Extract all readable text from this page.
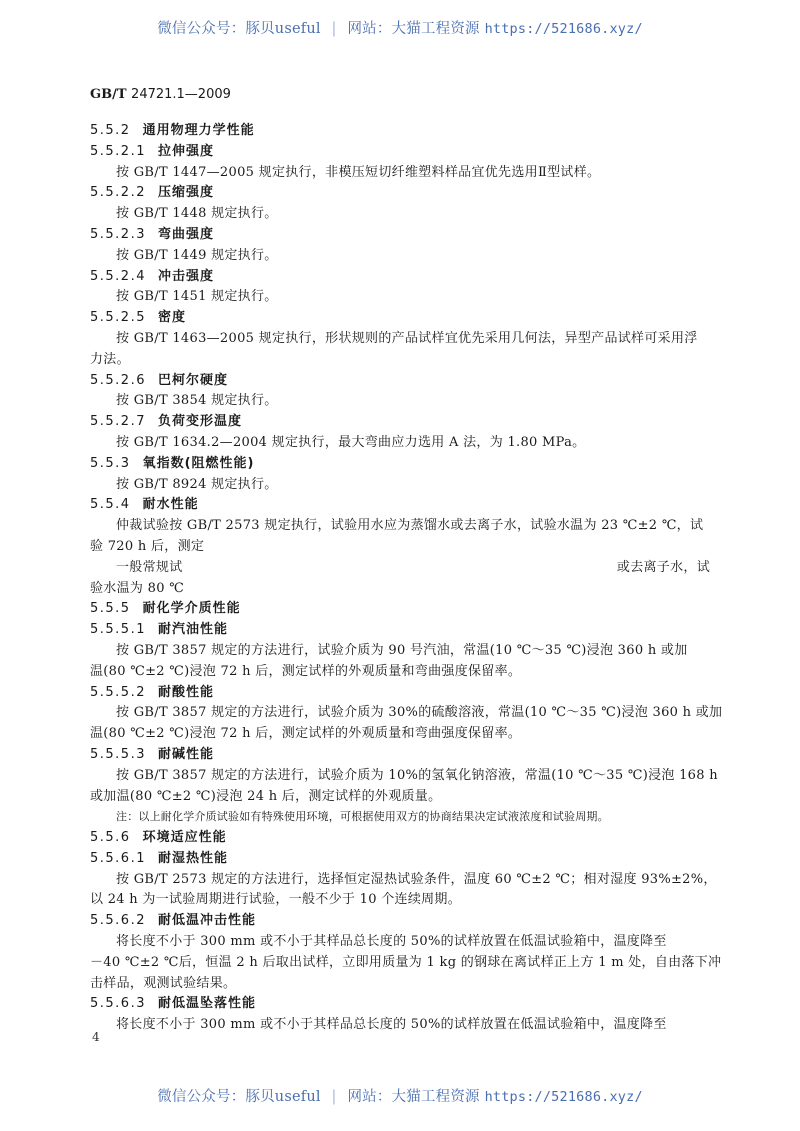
微信公众号：豚贝useful | 网站：大猫工程资源 https://521686.xyz/
GB/T 24721.1—2009
5.5.2 通用物理力学性能
5.5.2.1 拉伸强度
按 GB/T 1447—2005 规定执行，非模压短切纤维塑料样品宜优先选用Ⅱ型试样。
5.5.2.2 压缩强度
按 GB/T 1448 规定执行。
5.5.2.3 弯曲强度
按 GB/T 1449 规定执行。
5.5.2.4 冲击强度
按 GB/T 1451 规定执行。
5.5.2.5 密度
按 GB/T 1463—2005 规定执行，形状规则的产品试样宜优先采用几何法，异型产品试样可采用浮
力法。
5.5.2.6 巴柯尔硬度
按 GB/T 3854 规定执行。
5.5.2.7 负荷变形温度
按 GB/T 1634.2—2004 规定执行，最大弯曲应力选用 A 法，为 1.80 MPa。
5.5.3 氧指数(阻燃性能)
按 GB/T 8924 规定执行。
5.5.4 耐水性能
仲裁试验按 GB/T 2573 规定执行，试验用水应为蒸馏水或去离子水，试验水温为 23 ℃±2 ℃，试
验 720 h 后，测定
一般常规试	或去离子水，试
验水温为 80 ℃
5.5.5 耐化学介质性能
5.5.5.1 耐汽油性能
按 GB/T 3857 规定的方法进行，试验介质为 90 号汽油，常温(10 ℃～35 ℃)浸泡 360 h 或加
温(80 ℃±2 ℃)浸泡 72 h 后，测定试样的外观质量和弯曲强度保留率。
5.5.5.2 耐酸性能
按 GB/T 3857 规定的方法进行，试验介质为 30%的硫酸溶液，常温(10 ℃～35 ℃)浸泡 360 h 或加
温(80 ℃±2 ℃)浸泡 72 h 后，测定试样的外观质量和弯曲强度保留率。
5.5.5.3 耐碱性能
按 GB/T 3857 规定的方法进行，试验介质为 10%的氢氧化钠溶液，常温(10 ℃～35 ℃)浸泡 168 h
或加温(80 ℃±2 ℃)浸泡 24 h 后，测定试样的外观质量。
注：以上耐化学介质试验如有特殊使用环境，可根据使用双方的协商结果决定试液浓度和试验周期。
5.5.6 环境适应性能
5.5.6.1 耐湿热性能
按 GB/T 2573 规定的方法进行，选择恒定湿热试验条件，温度 60 ℃±2 ℃；相对湿度 93%±2%，
以 24 h 为一试验周期进行试验，一般不少于 10 个连续周期。
5.5.6.2 耐低温冲击性能
将长度不小于 300 mm 或不小于其样品总长度的 50%的试样放置在低温试验箱中，温度降至
－40 ℃±2 ℃后，恒温 2 h 后取出试样，立即用质量为 1 kg 的钢球在离试样正上方 1 m 处，自由落下冲
击样品，观测试验结果。
5.5.6.3 耐低温坠落性能
将长度不小于 300 mm 或不小于其样品总长度的 50%的试样放置在低温试验箱中，温度降至
4
微信公众号：豚贝useful | 网站：大猫工程资源 https://521686.xyz/
